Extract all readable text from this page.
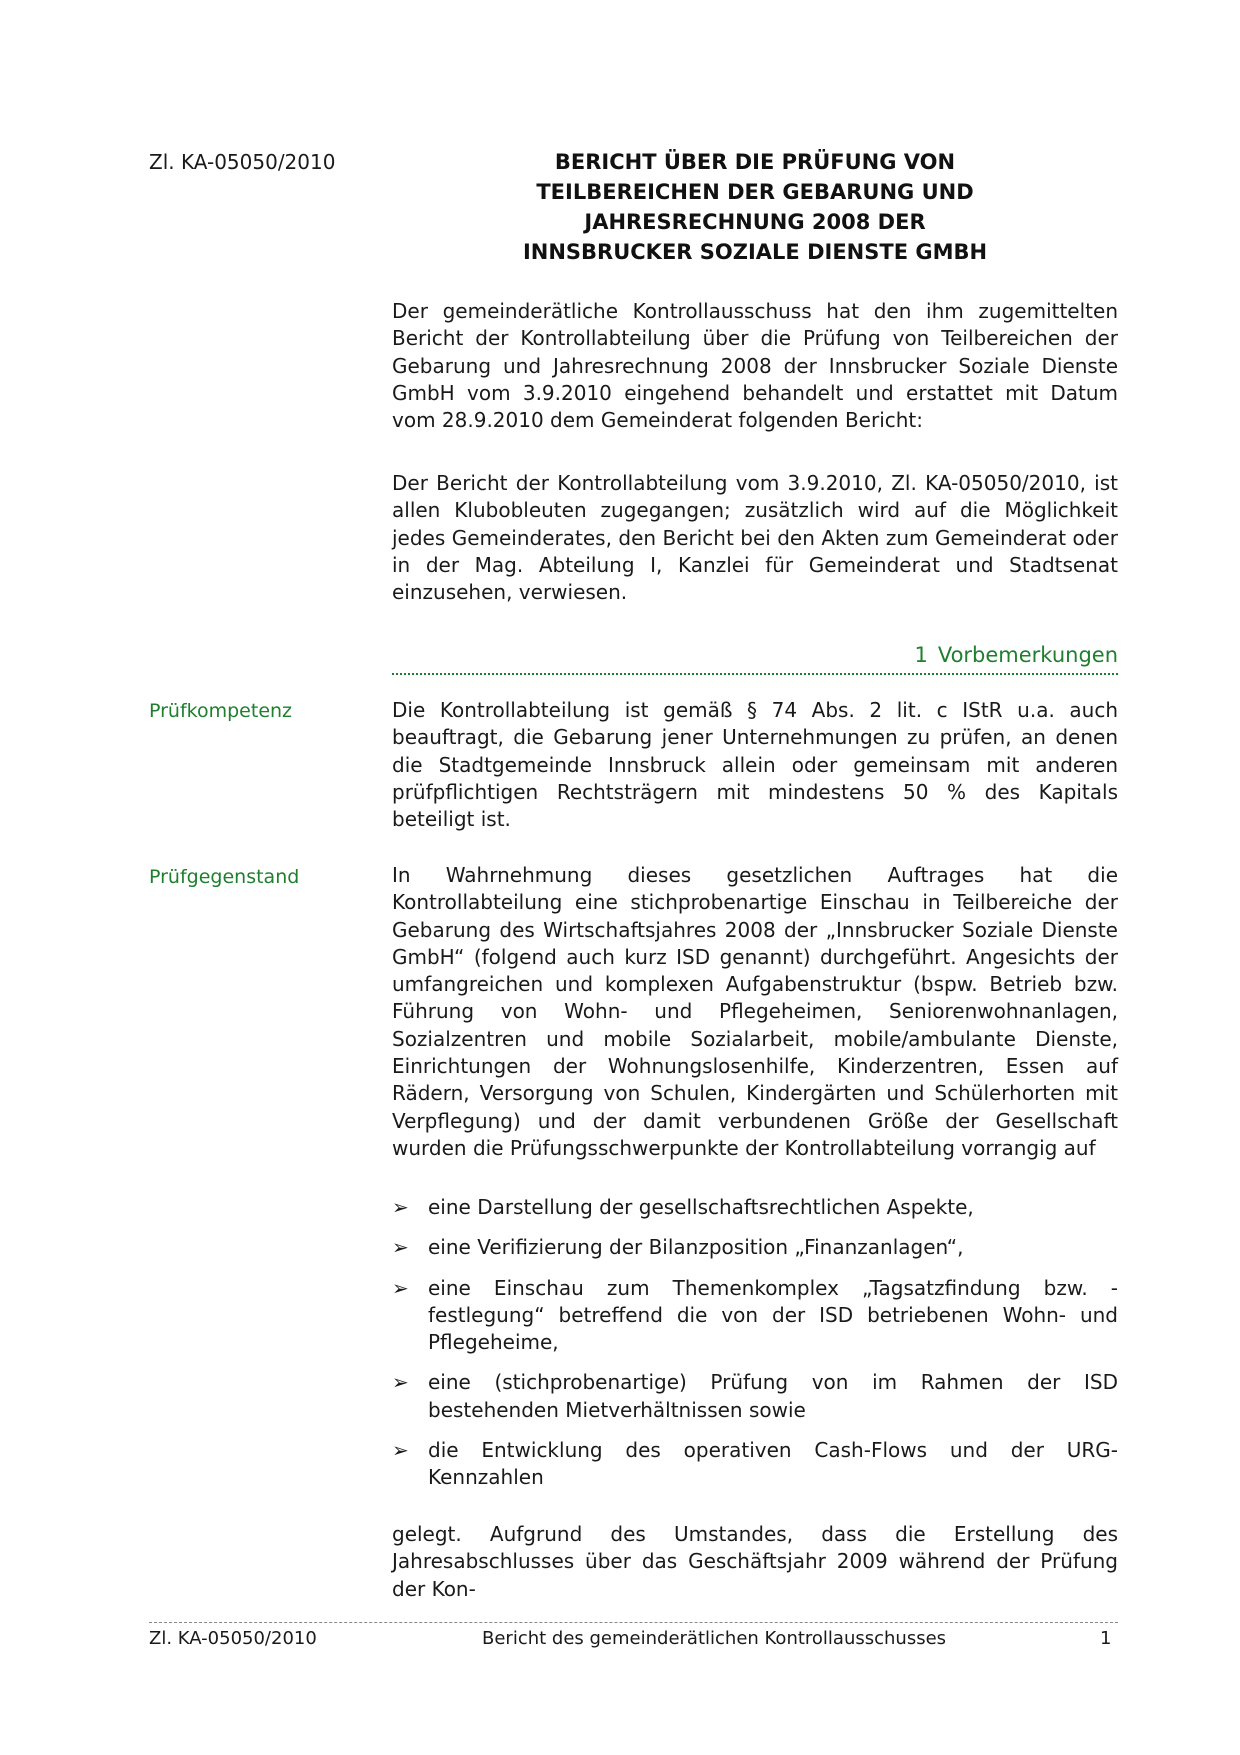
Zl. KA-05050/2010	BERICHT ÜBER DIE PRÜFUNG VON
TEILBEREICHEN DER GEBARUNG UND
JAHRESRECHNUNG 2008 DER
INNSBRUCKER SOZIALE DIENSTE GMBH
Der gemeinderätliche Kontrollausschuss hat den ihm zugemittelten Bericht der Kontrollabteilung über die Prüfung von Teilbereichen der Gebarung und Jahresrechnung 2008 der Innsbrucker Soziale Dienste GmbH vom 3.9.2010 eingehend behandelt und erstattet mit Datum vom 28.9.2010 dem Gemeinderat folgenden Bericht:
Der Bericht der Kontrollabteilung vom 3.9.2010, Zl. KA-05050/2010, ist allen Klubobleuten zugegangen; zusätzlich wird auf die Möglichkeit jedes Gemeinderates, den Bericht bei den Akten zum Gemeinderat oder in der Mag. Abteilung I, Kanzlei für Gemeinderat und Stadtsenat einzusehen, verwiesen.
1 Vorbemerkungen
Prüfkompetenz	Die Kontrollabteilung ist gemäß § 74 Abs. 2 lit. c IStR u.a. auch beauftragt, die Gebarung jener Unternehmungen zu prüfen, an denen die Stadtgemeinde Innsbruck allein oder gemeinsam mit anderen prüfpflichtigen Rechtsträgern mit mindestens 50 % des Kapitals beteiligt ist.
Prüfgegenstand	In Wahrnehmung dieses gesetzlichen Auftrages hat die Kontrollabteilung eine stichprobenartige Einschau in Teilbereiche der Gebarung des Wirtschaftsjahres 2008 der „Innsbrucker Soziale Dienste GmbH“ (folgend auch kurz ISD genannt) durchgeführt. Angesichts der umfangreichen und komplexen Aufgabenstruktur (bspw. Betrieb bzw. Führung von Wohn- und Pflegeheimen, Seniorenwohnanlagen, Sozialzentren und mobile Sozialarbeit, mobile/ambulante Dienste, Einrichtungen der Wohnungslosenhilfe, Kinderzentren, Essen auf Rädern, Versorgung von Schulen, Kindergärten und Schülerhorten mit Verpflegung) und der damit verbundenen Größe der Gesellschaft wurden die Prüfungsschwerpunkte der Kontrollabteilung vorrangig auf
➢ eine Darstellung der gesellschaftsrechtlichen Aspekte,
➢ eine Verifizierung der Bilanzposition „Finanzanlagen“,
➢ eine Einschau zum Themenkomplex „Tagsatzfindung bzw. -festlegung“ betreffend die von der ISD betriebenen Wohn- und Pflegeheime,
➢ eine (stichprobenartige) Prüfung von im Rahmen der ISD bestehenden Mietverhältnissen sowie
➢ die Entwicklung des operativen Cash-Flows und der URG-Kennzahlen
gelegt. Aufgrund des Umstandes, dass die Erstellung des Jahresabschlusses über das Geschäftsjahr 2009 während der Prüfung der Kon-
Zl. KA-05050/2010	Bericht des gemeinderätlichen Kontrollausschusses	1
